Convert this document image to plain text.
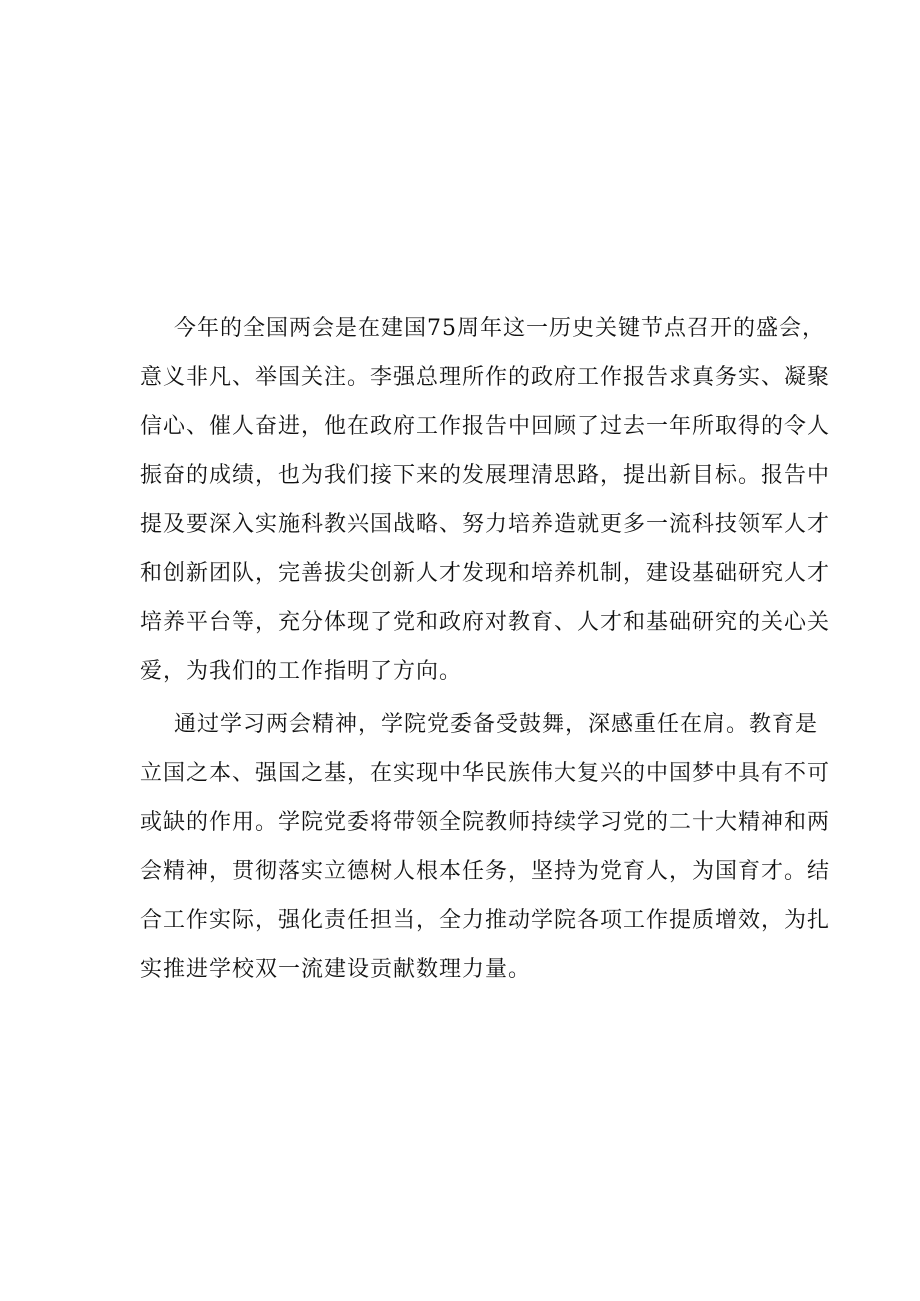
今年的全国两会是在建国75周年这一历史关键节点召开的盛会，
意义非凡、举国关注。李强总理所作的政府工作报告求真务实、凝聚
信心、催人奋进，他在政府工作报告中回顾了过去一年所取得的令人
振奋的成绩，也为我们接下来的发展理清思路，提出新目标。报告中
提及要深入实施科教兴国战略、努力培养造就更多一流科技领军人才
和创新团队，完善拔尖创新人才发现和培养机制，建设基础研究人才
培养平台等，充分体现了党和政府对教育、人才和基础研究的关心关
爱，为我们的工作指明了方向。
通过学习两会精神，学院党委备受鼓舞，深感重任在肩。教育是
立国之本、强国之基，在实现中华民族伟大复兴的中国梦中具有不可
或缺的作用。学院党委将带领全院教师持续学习党的二十大精神和两
会精神，贯彻落实立德树人根本任务，坚持为党育人，为国育才。结
合工作实际，强化责任担当，全力推动学院各项工作提质增效，为扎
实推进学校双一流建设贡献数理力量。
